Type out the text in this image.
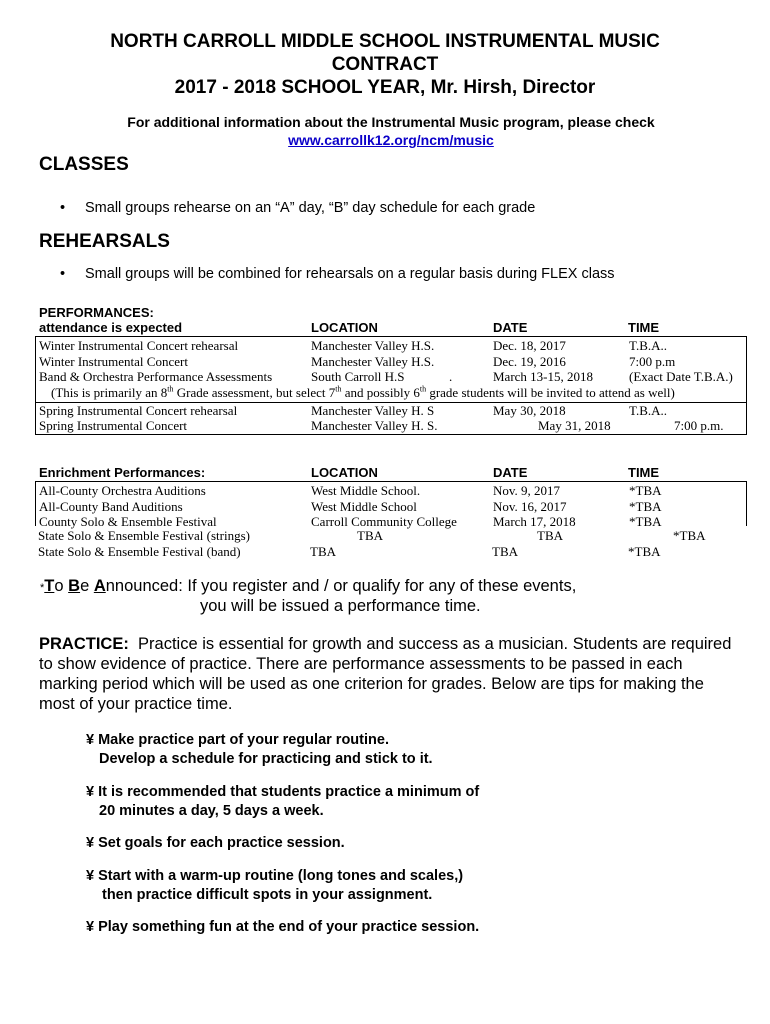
NORTH CARROLL MIDDLE SCHOOL INSTRUMENTAL MUSIC
CONTRACT
2017 - 2018 SCHOOL YEAR, Mr. Hirsh, Director
For additional information about the Instrumental Music program, please check
www.carrollk12.org/ncm/music
CLASSES
• Small groups rehearse on an “A” day, “B” day schedule for each grade
REHEARSALS
• Small groups will be combined for rehearsals on a regular basis during FLEX class
PERFORMANCES:
attendance is expected	LOCATION	DATE	TIME
Winter Instrumental Concert rehearsal	Manchester Valley H.S.	Dec. 18, 2017	T.B.A..
Winter Instrumental Concert	Manchester Valley H.S.	Dec. 19, 2016	7:00 p.m
Band & Orchestra Performance Assessments	South Carroll H.S	.	March 13-15, 2018	(Exact Date T.B.A.)
(This is primarily an 8th Grade assessment, but select 7th and possibly 6th grade students will be invited to attend as well)
Spring Instrumental Concert rehearsal	Manchester Valley H. S	May 30, 2018	T.B.A..
Spring Instrumental Concert	Manchester Valley H. S.	May 31, 2018	7:00 p.m.
Enrichment Performances:	LOCATION	DATE	TIME
All-County Orchestra Auditions	West Middle School.	Nov. 9, 2017	*TBA
All-County Band Auditions	West Middle School	Nov. 16, 2017	*TBA
County Solo & Ensemble Festival	Carroll Community College	March 17, 2018	*TBA
State Solo & Ensemble Festival (strings)	TBA	TBA	*TBA
State Solo & Ensemble Festival (band)	TBA	TBA	*TBA
*To Be Announced: If you register and / or qualify for any of these events,
you will be issued a performance time.
PRACTICE: Practice is essential for growth and success as a musician. Students are required to show evidence of practice. There are performance assessments to be passed in each marking period which will be used as one criterion for grades. Below are tips for making the most of your practice time.
¥ Make practice part of your regular routine.
Develop a schedule for practicing and stick to it.
¥ It is recommended that students practice a minimum of
20 minutes a day, 5 days a week.
¥ Set goals for each practice session.
¥ Start with a warm-up routine (long tones and scales,)
then practice difficult spots in your assignment.
¥ Play something fun at the end of your practice session.
